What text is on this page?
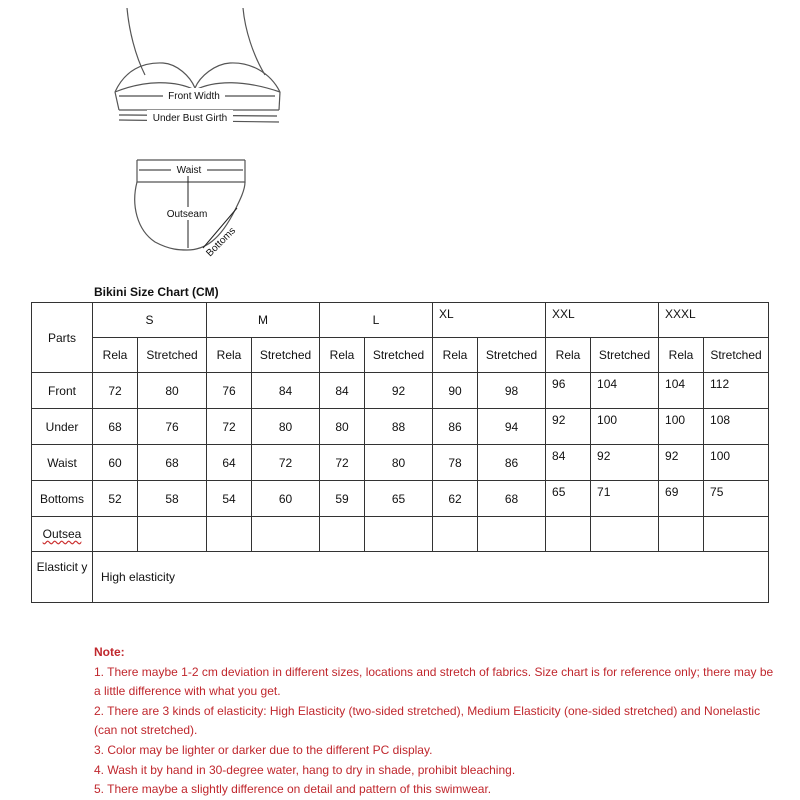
Front Width
Under Bust Girth
Waist
Outseam
Bottoms
Bikini Size Chart (CM)
Parts	S		M		L		XL		XXL		XXXL	
	Rela	Stretched	Rela	Stretched	Rela	Stretched	Rela	Stretched	Rela	Stretched	Rela	Stretched
Front	72	80	76	84	84	92	90	98	96	104	104	112
Under	68	76	72	80	80	88	86	94	92	100	100	108
Waist	60	68	64	72	72	80	78	86	84	92	92	100
Bottoms	52	58	54	60	59	65	62	68	65	71	69	75
Outsea												
Elasticit y	High elasticity											

Note:

1. There maybe 1-2 cm deviation in different sizes, locations and stretch of fabrics. Size chart is for reference only; there may be a little difference with what you get.

2. There are 3 kinds of elasticity: High Elasticity (two-sided stretched), Medium Elasticity (one-sided stretched) and Nonelastic (can not stretched).

3. Color may be lighter or darker due to the different PC display.

4. Wash it by hand in 30-degree water, hang to dry in shade, prohibit bleaching.

5. There maybe a slightly difference on detail and pattern of this swimwear.
